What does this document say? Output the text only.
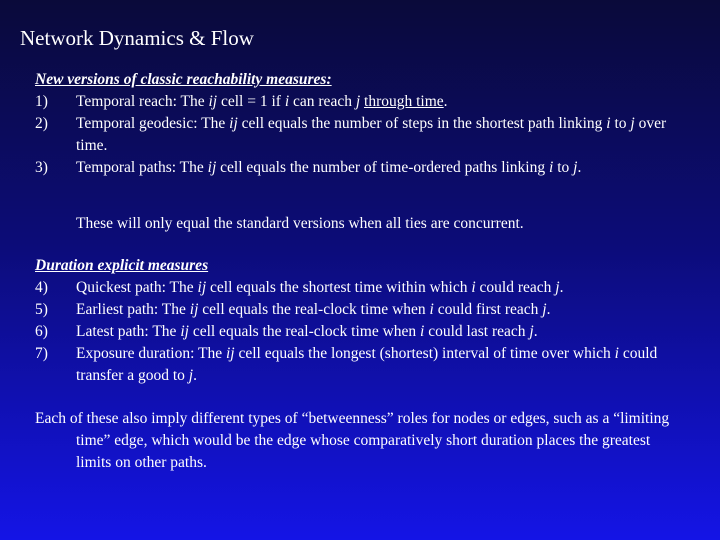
Network Dynamics & Flow
New versions of classic reachability measures:
1)	Temporal reach: The ij cell = 1 if i can reach j through time.
2)	Temporal geodesic: The ij cell equals the number of steps in the shortest path linking i to j over time.
3)	Temporal paths: The ij cell equals the number of time-ordered paths linking i to j.
These will only equal the standard versions when all ties are concurrent.
Duration explicit measures
4)	Quickest path: The ij cell equals the shortest time within which i could reach j.
5)	Earliest path: The ij cell equals the real-clock time when i could first reach j.
6)	Latest path: The ij cell equals the real-clock time when i could last reach j.
7)	Exposure duration: The ij cell equals the longest (shortest) interval of time over which i could transfer a good to j.
Each of these also imply different types of “betweenness” roles for nodes or edges, such as a “limiting time” edge, which would be the edge whose comparatively short duration places the greatest limits on other paths.
